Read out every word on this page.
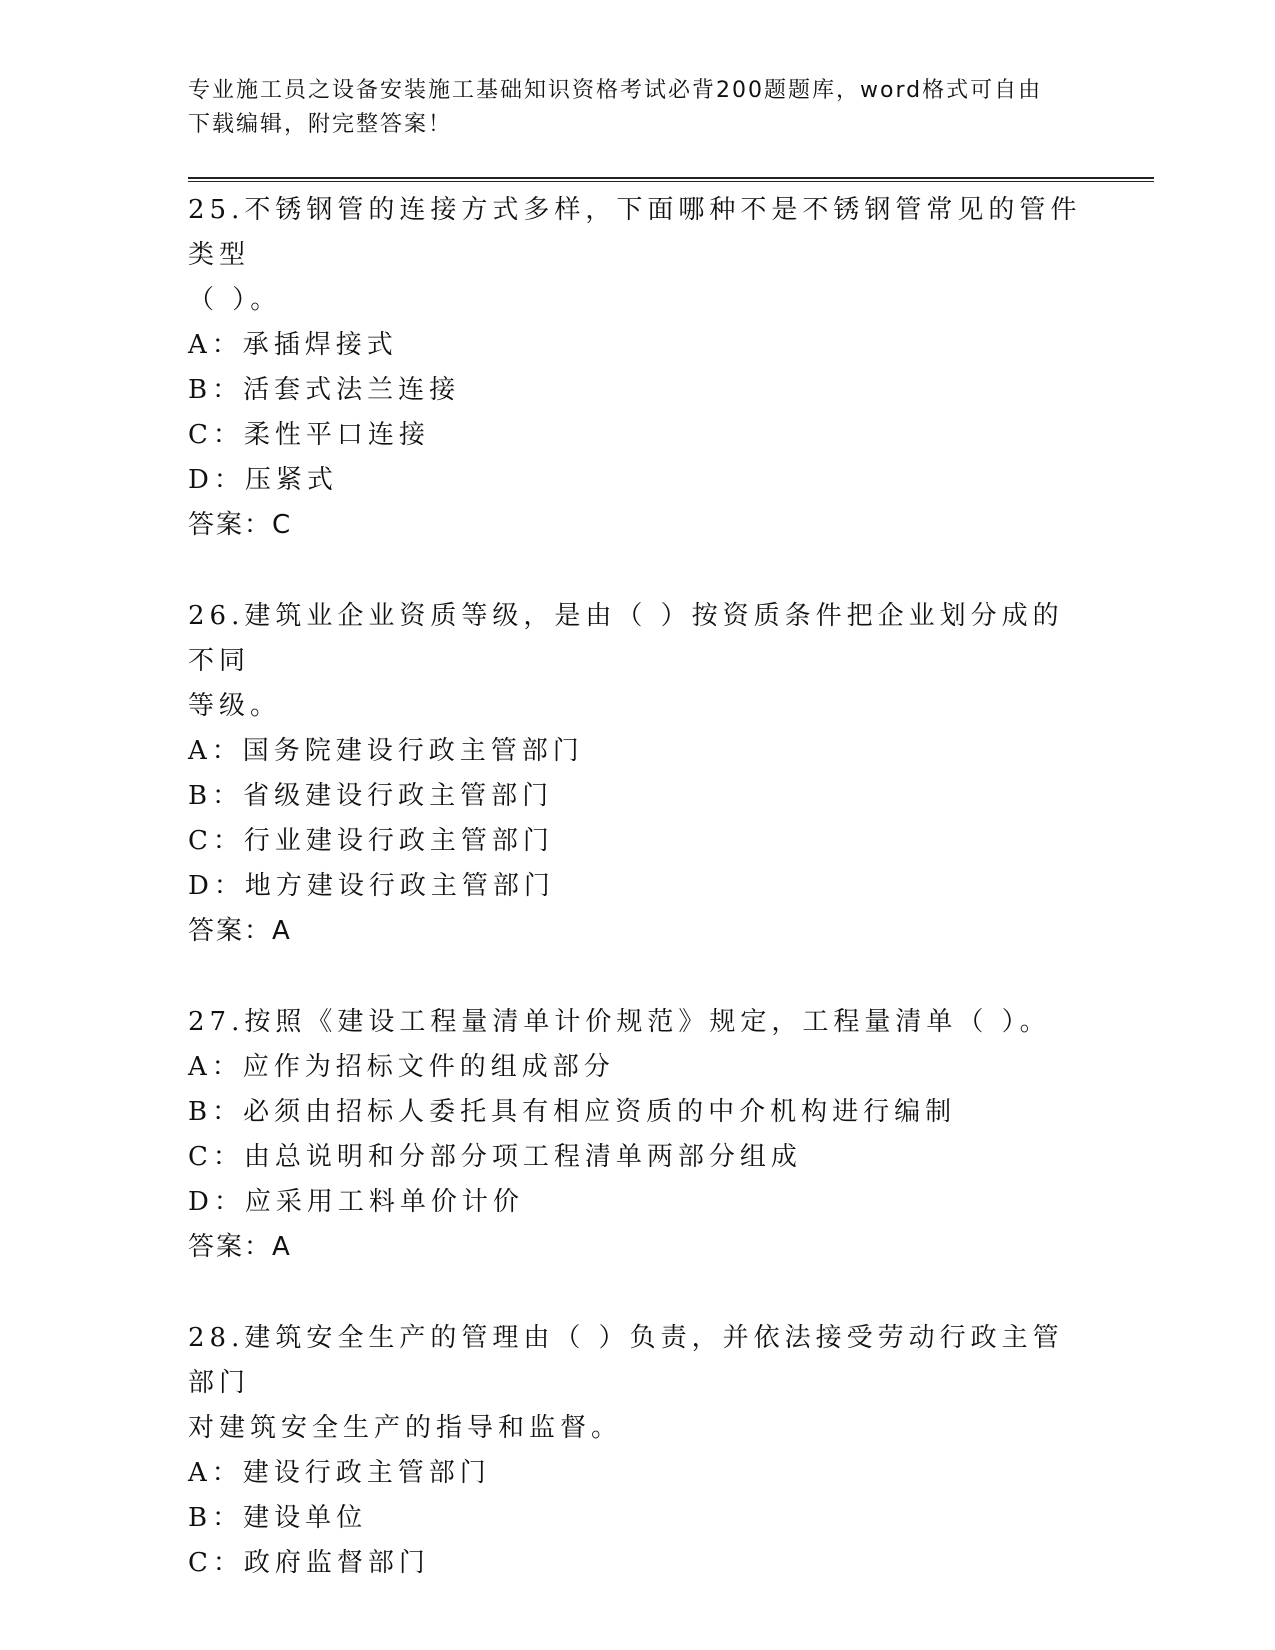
专业施工员之设备安装施工基础知识资格考试必背200题题库，word格式可自由
下载编辑，附完整答案！

25.不锈钢管的连接方式多样，下面哪种不是不锈钢管常见的管件类型
（ ）。

A：承插焊接式

B：活套式法兰连接

C：柔性平口连接

D：压紧式

答案：C

26.建筑业企业资质等级，是由（ ）按资质条件把企业划分成的不同
等级。

A：国务院建设行政主管部门

B：省级建设行政主管部门

C：行业建设行政主管部门

D：地方建设行政主管部门

答案：A

27.按照《建设工程量清单计价规范》规定，工程量清单（ ）。

A：应作为招标文件的组成部分

B：必须由招标人委托具有相应资质的中介机构进行编制

C：由总说明和分部分项工程清单两部分组成

D：应采用工料单价计价

答案：A

28.建筑安全生产的管理由（ ）负责，并依法接受劳动行政主管部门
对建筑安全生产的指导和监督。

A：建设行政主管部门

B：建设单位

C：政府监督部门
